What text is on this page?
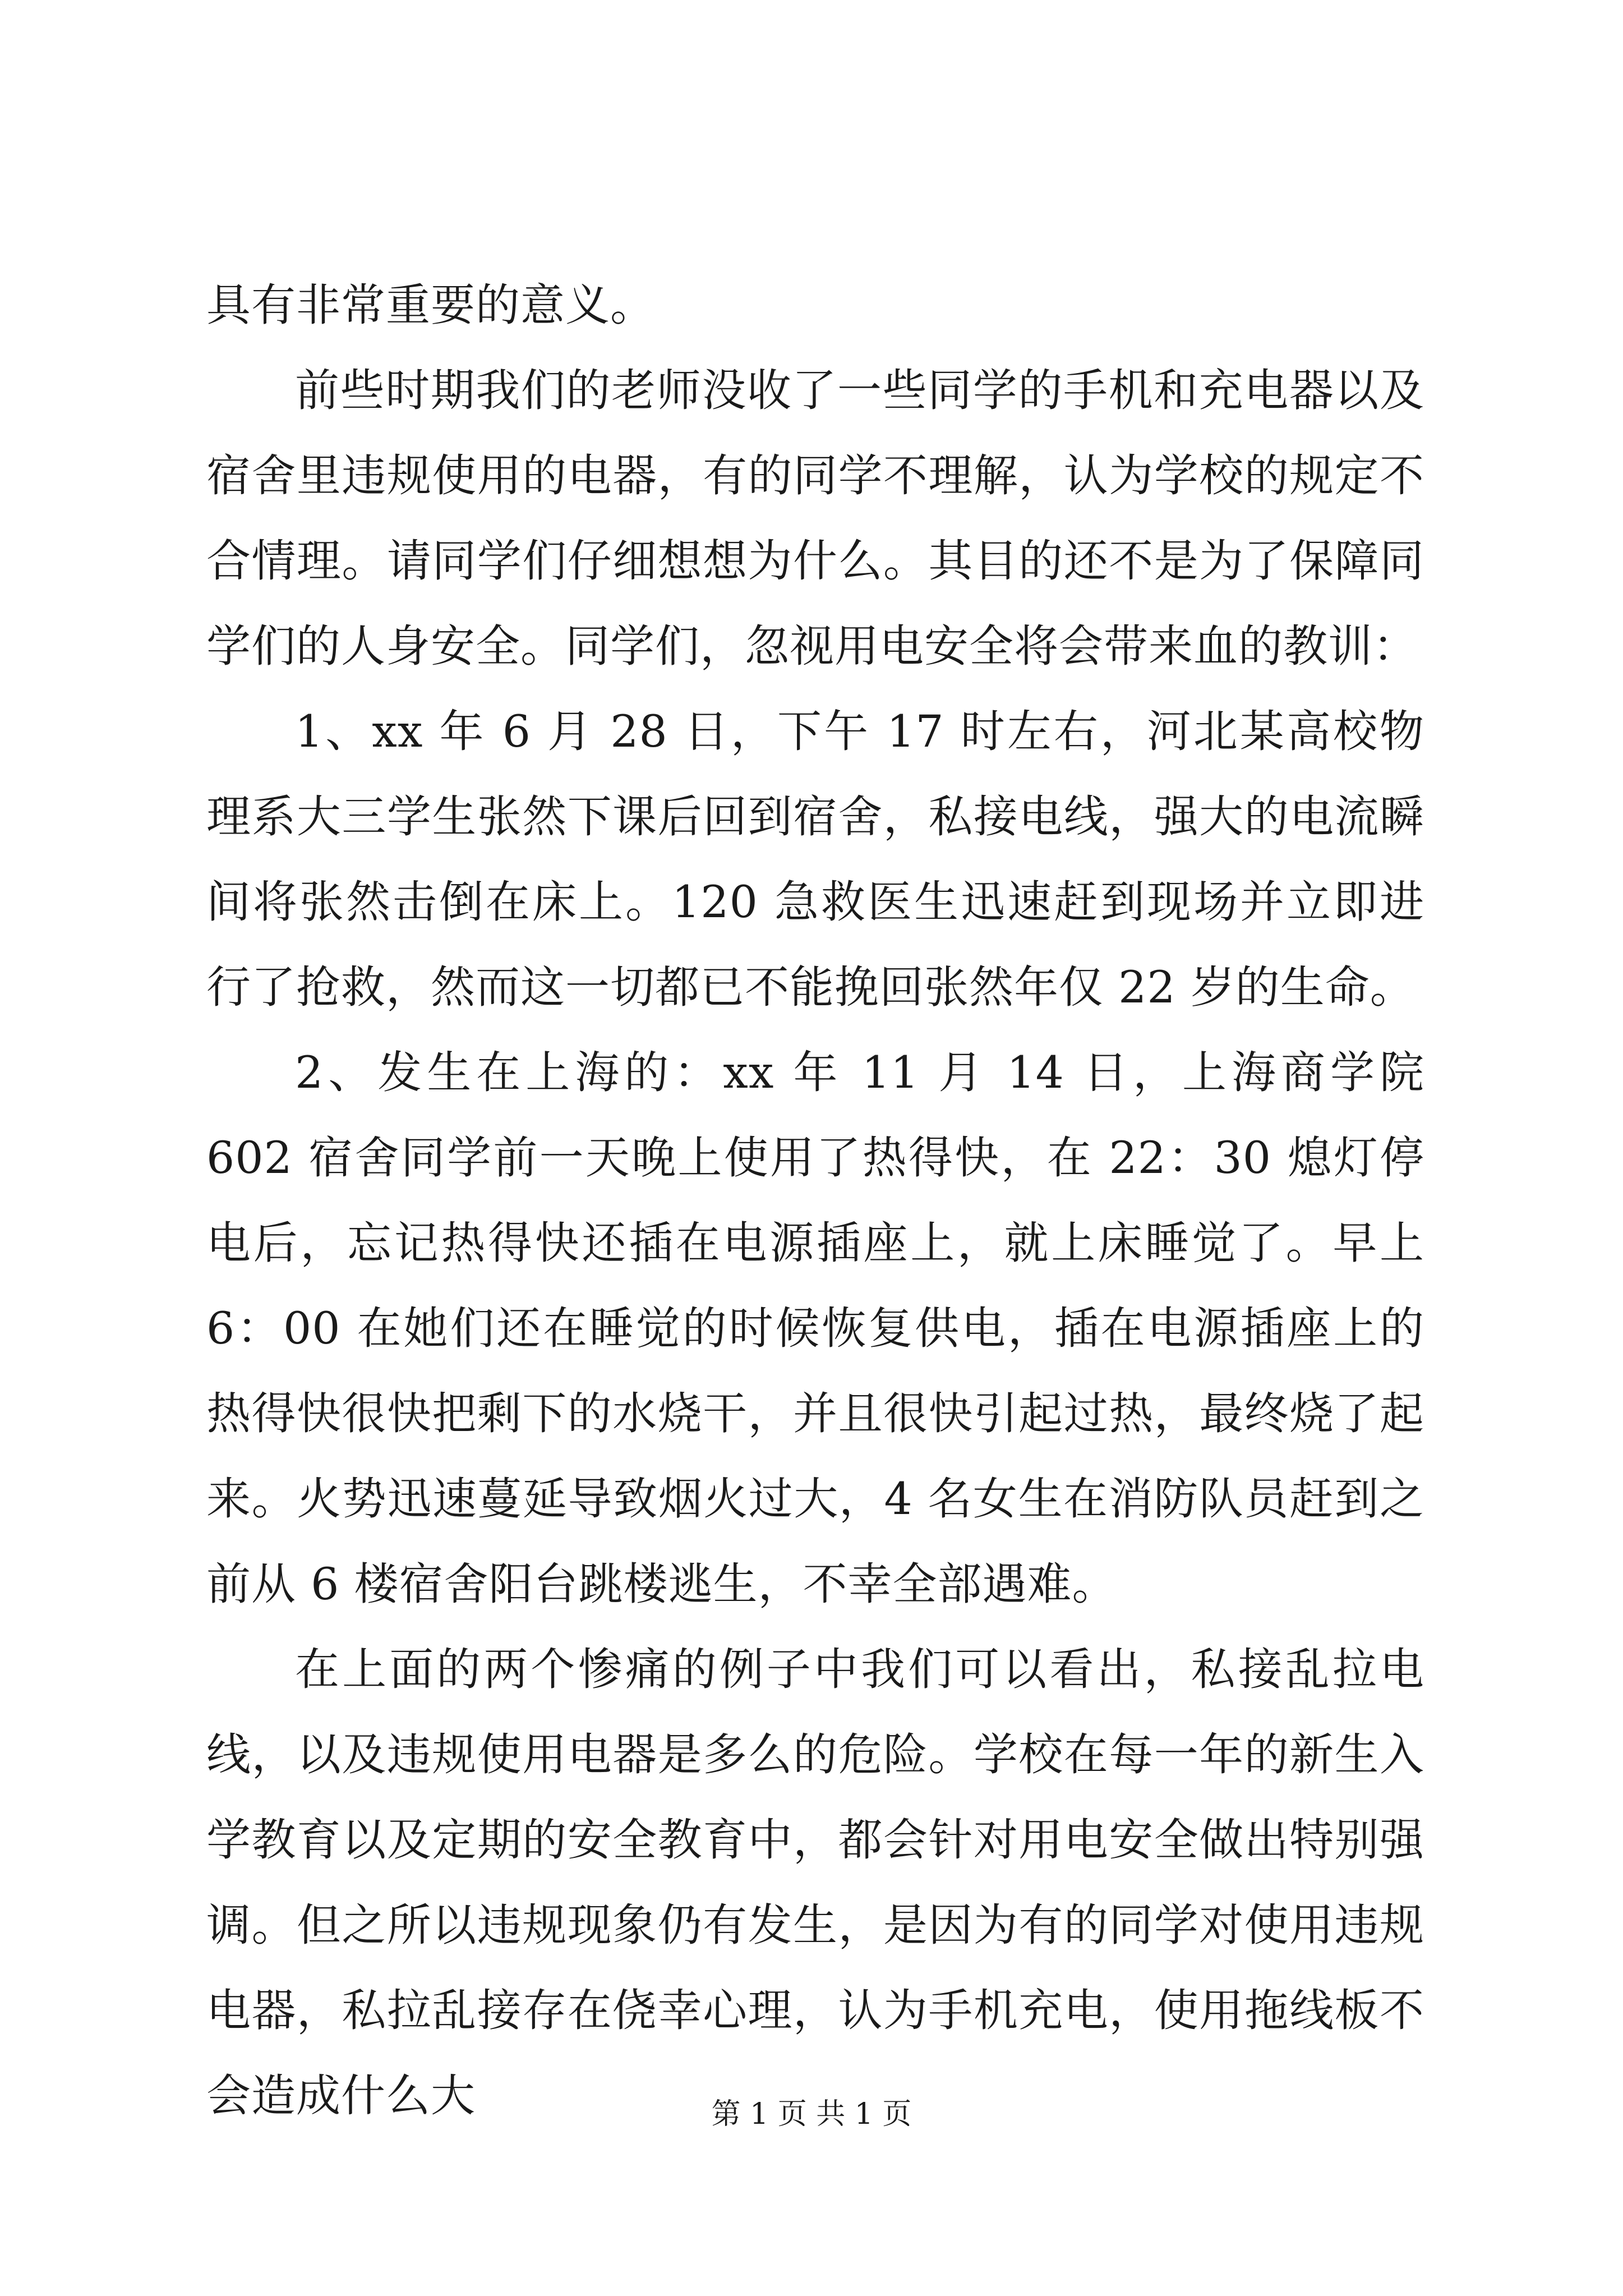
具有非常重要的意义。

前些时期我们的老师没收了一些同学的手机和充电器以及宿舍里违规使用的电器，有的同学不理解，认为学校的规定不合情理。请同学们仔细想想为什么。其目的还不是为了保障同学们的人身安全。同学们，忽视用电安全将会带来血的教训：

1、xx 年 6 月 28 日，下午 17 时左右，河北某高校物理系大三学生张然下课后回到宿舍，私接电线，强大的电流瞬间将张然击倒在床上。120 急救医生迅速赶到现场并立即进行了抢救，然而这一切都已不能挽回张然年仅 22 岁的生命。

2、发生在上海的：xx 年 11 月 14 日，上海商学院 602 宿舍同学前一天晚上使用了热得快，在 22：30 熄灯停电后，忘记热得快还插在电源插座上，就上床睡觉了。早上 6：00 在她们还在睡觉的时候恢复供电，插在电源插座上的热得快很快把剩下的水烧干，并且很快引起过热，最终烧了起来。火势迅速蔓延导致烟火过大，4 名女生在消防队员赶到之前从 6 楼宿舍阳台跳楼逃生，不幸全部遇难。

在上面的两个惨痛的例子中我们可以看出，私接乱拉电线，以及违规使用电器是多么的危险。学校在每一年的新生入学教育以及定期的安全教育中，都会针对用电安全做出特别强调。但之所以违规现象仍有发生，是因为有的同学对使用违规电器，私拉乱接存在侥幸心理，认为手机充电，使用拖线板不会造成什么大	第 1 页 共 1 页
